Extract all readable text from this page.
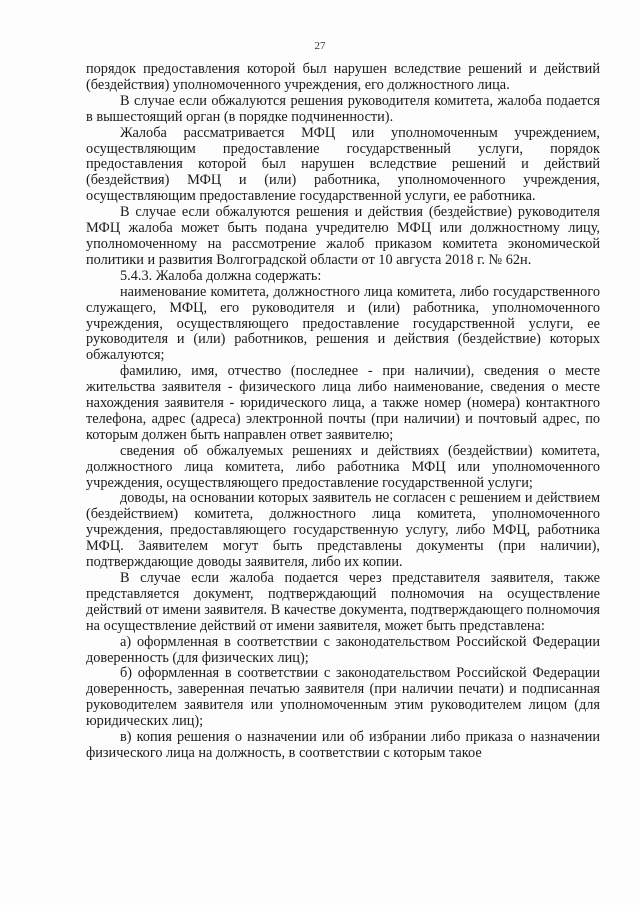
27

порядок предоставления которой был нарушен вследствие решений и действий (бездействия) уполномоченного учреждения, его должностного лица.

В случае если обжалуются решения руководителя комитета, жалоба подается в вышестоящий орган (в порядке подчиненности).

Жалоба рассматривается МФЦ или уполномоченным учреждением, осуществляющим предоставление государственный услуги, порядок предоставления которой был нарушен вследствие решений и действий (бездействия) МФЦ и (или) работника, уполномоченного учреждения, осуществляющим предоставление государственной услуги, ее работника.

В случае если обжалуются решения и действия (бездействие) руководителя МФЦ жалоба может быть подана учредителю МФЦ или должностному лицу, уполномоченному на рассмотрение жалоб приказом комитета экономической политики и развития Волгоградской области от 10 августа 2018 г. № 62н.

5.4.3. Жалоба должна содержать:

наименование комитета, должностного лица комитета, либо государственного служащего, МФЦ, его руководителя и (или) работника, уполномоченного учреждения, осуществляющего предоставление государственной услуги, ее руководителя и (или) работников, решения и действия (бездействие) которых обжалуются;

фамилию, имя, отчество (последнее - при наличии), сведения о месте жительства заявителя - физического лица либо наименование, сведения о месте нахождения заявителя - юридического лица, а также номер (номера) контактного телефона, адрес (адреса) электронной почты (при наличии) и почтовый адрес, по которым должен быть направлен ответ заявителю;

сведения об обжалуемых решениях и действиях (бездействии) комитета, должностного лица комитета, либо работника МФЦ или уполномоченного учреждения, осуществляющего предоставление государственной услуги;

доводы, на основании которых заявитель не согласен с решением и действием (бездействием) комитета, должностного лица комитета, уполномоченного учреждения, предоставляющего государственную услугу, либо МФЦ, работника МФЦ. Заявителем могут быть представлены документы (при наличии), подтверждающие доводы заявителя, либо их копии.

В случае если жалоба подается через представителя заявителя, также представляется документ, подтверждающий полномочия на осуществление действий от имени заявителя. В качестве документа, подтверждающего полномочия на осуществление действий от имени заявителя, может быть представлена:

а) оформленная в соответствии с законодательством Российской Федерации доверенность (для физических лиц);

б) оформленная в соответствии с законодательством Российской Федерации доверенность, заверенная печатью заявителя (при наличии печати) и подписанная руководителем заявителя или уполномоченным этим руководителем лицом (для юридических лиц);

в) копия решения о назначении или об избрании либо приказа о назначении физического лица на должность, в соответствии с которым такое
